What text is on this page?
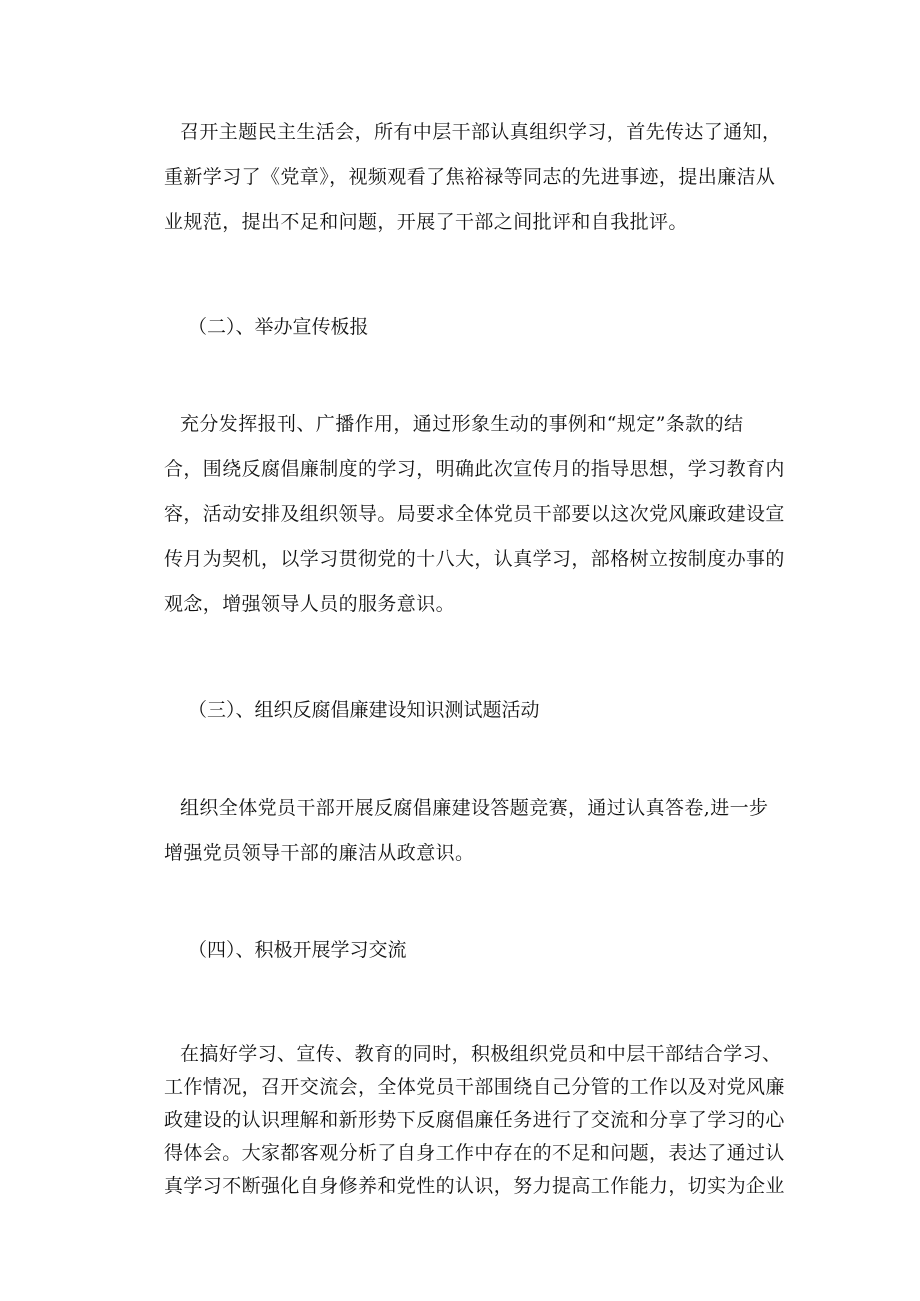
召开主题民主生活会，所有中层干部认真组织学习，首先传达了通知，
重新学习了《党章》，视频观看了焦裕禄等同志的先进事迹，提出廉洁从
业规范，提出不足和问题，开展了干部之间批评和自我批评。
（二）、举办宣传板报
充分发挥报刊、广播作用，通过形象生动的事例和“规定”条款的结
合，围绕反腐倡廉制度的学习，明确此次宣传月的指导思想，学习教育内
容，活动安排及组织领导。局要求全体党员干部要以这次党风廉政建设宣
传月为契机，以学习贯彻党的十八大，认真学习，部格树立按制度办事的
观念，增强领导人员的服务意识。
（三）、组织反腐倡廉建设知识测试题活动
组织全体党员干部开展反腐倡廉建设答题竞赛，通过认真答卷,进一步
增强党员领导干部的廉洁从政意识。
（四）、积极开展学习交流
在搞好学习、宣传、教育的同时，积极组织党员和中层干部结合学习、
工作情况，召开交流会，全体党员干部围绕自己分管的工作以及对党风廉
政建设的认识理解和新形势下反腐倡廉任务进行了交流和分享了学习的心
得体会。大家都客观分析了自身工作中存在的不足和问题，表达了通过认
真学习不断强化自身修养和党性的认识，努力提高工作能力，切实为企业
